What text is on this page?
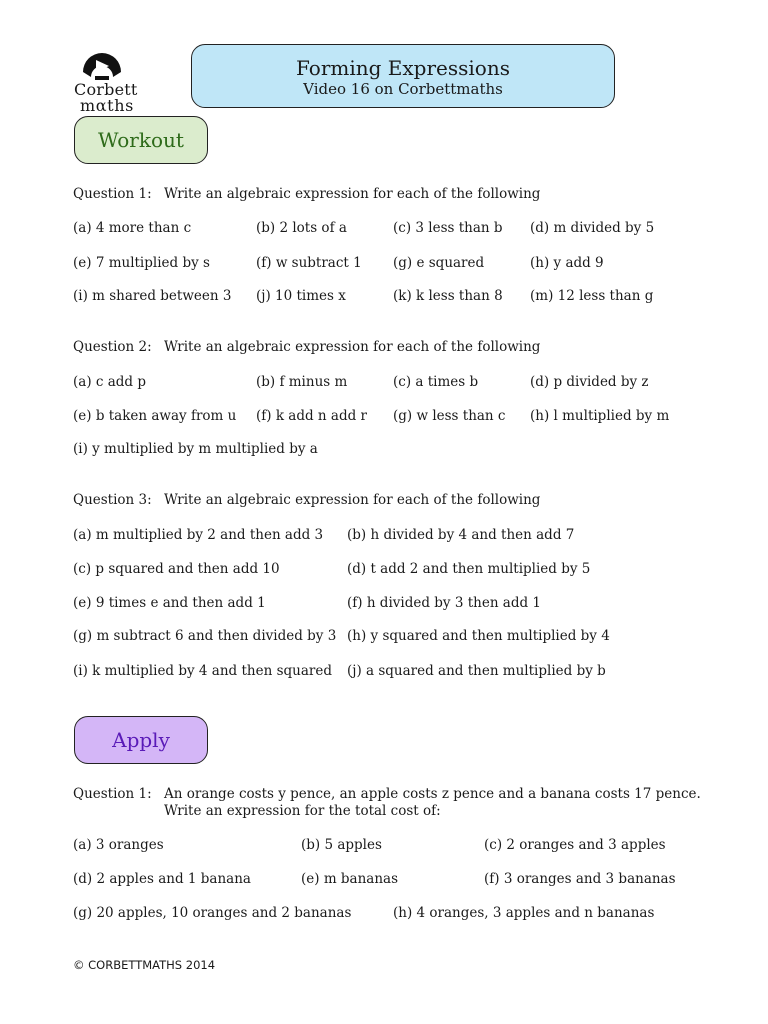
Corbett
mαths
Forming Expressions
Video 16 on Corbettmaths
Workout
Question 1: Write an algebraic expression for each of the following
(a) 4 more than c	(b) 2 lots of a	(c) 3 less than b (d) m divided by 5
(e) 7 multiplied by s	(f) w subtract 1 (g) e squared	(h) y add 9
(i) m shared between 3 (j) 10 times x	(k) k less than 8 (m) 12 less than g
Question 2: Write an algebraic expression for each of the following
(a) c add p	(b) f minus m	(c) a times b	(d) p divided by z
(e) b taken away from u (f) k add n add r (g) w less than c (h) l multiplied by m
(i) y multiplied by m multiplied by a
Question 3: Write an algebraic expression for each of the following
(a) m multiplied by 2 and then add 3 (b) h divided by 4 and then add 7
(c) p squared and then add 10	(d) t add 2 and then multiplied by 5
(e) 9 times e and then add 1	(f) h divided by 3 then add 1
(g) m subtract 6 and then divided by 3 (h) y squared and then multiplied by 4
(i) k multiplied by 4 and then squared (j) a squared and then multiplied by b
Apply
Question 1: An orange costs y pence, an apple costs z pence and a banana costs 17 pence.
Write an expression for the total cost of:
(a) 3 oranges	(b) 5 apples	(c) 2 oranges and 3 apples
(d) 2 apples and 1 banana	(e) m bananas	(f) 3 oranges and 3 bananas
(g) 20 apples, 10 oranges and 2 bananas	(h) 4 oranges, 3 apples and n bananas
© CORBETTMATHS 2014
